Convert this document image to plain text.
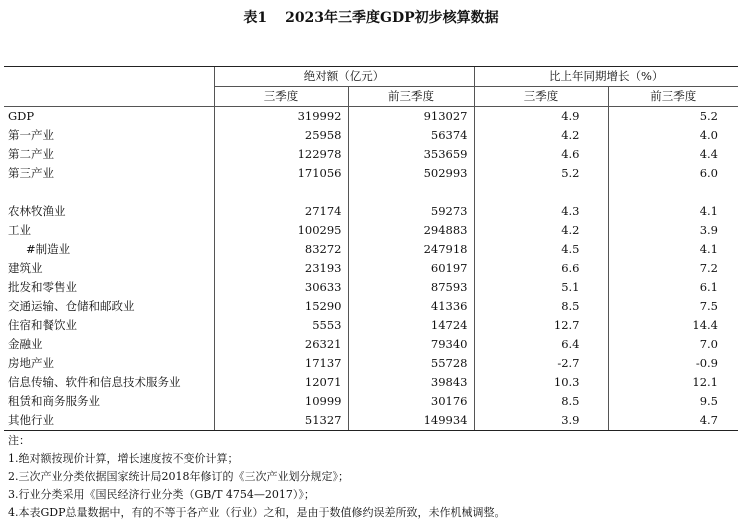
表1 2023年三季度GDP初步核算数据
	绝对额（亿元）		比上年同期增长（%）	
	三季度	前三季度	三季度	前三季度
GDP	319992	913027	4.9	5.2
第一产业	25958	56374	4.2	4.0
第二产业	122978	353659	4.6	4.4
第三产业	171056	502993	5.2	6.0

农林牧渔业	27174	59273	4.3	4.1
工业	100295	294883	4.2	3.9
#制造业	83272	247918	4.5	4.1
建筑业	23193	60197	6.6	7.2
批发和零售业	30633	87593	5.1	6.1
交通运输、仓储和邮政业	15290	41336	8.5	7.5
住宿和餐饮业	5553	14724	12.7	14.4
金融业	26321	79340	6.4	7.0
房地产业	17137	55728	-2.7	-0.9
信息传输、软件和信息技术服务业	12071	39843	10.3	12.1
租赁和商务服务业	10999	30176	8.5	9.5
其他行业	51327	149934	3.9	4.7
注：
1.绝对额按现价计算，增长速度按不变价计算；
2.三次产业分类依据国家统计局2018年修订的《三次产业划分规定》；
3.行业分类采用《国民经济行业分类（GB/T 4754—2017）》；
4.本表GDP总量数据中，有的不等于各产业（行业）之和，是由于数值修约误差所致，未作机械调整。
